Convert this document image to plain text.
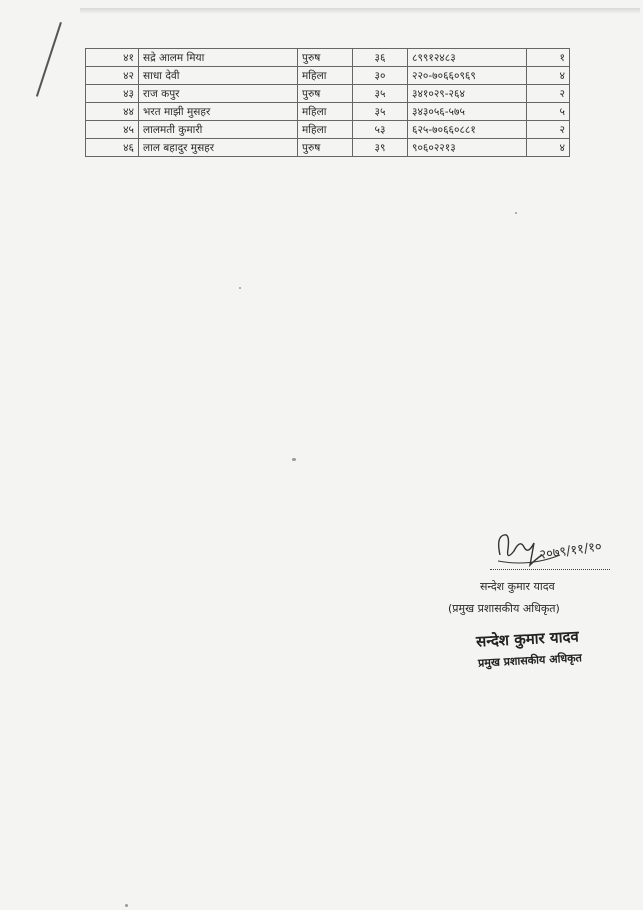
४१	सद्रे आलम मिया	पुरुष	३६	८९९१२४८३	१
४२	साधा देवी	महिला	३०	२२०-७०६६०९६९	४
४३	राज कपुर	पुरुष	३५	३४१०२९-२६४	२
४४	भरत माझी मुसहर	महिला	३५	३४३०५६-५७५	५
४५	लालमती कुमारी	महिला	५३	६२५-७०६६०८८१	२
४६	लाल बहादुर मुसहर	पुरुष	३९	९०६०२२१३	४
२०७९/११/१०
सन्देश कुमार यादव
(प्रमुख प्रशासकीय अधिकृत)
सन्देश कुमार यादव
प्रमुख प्रशासकीय अधिकृत
